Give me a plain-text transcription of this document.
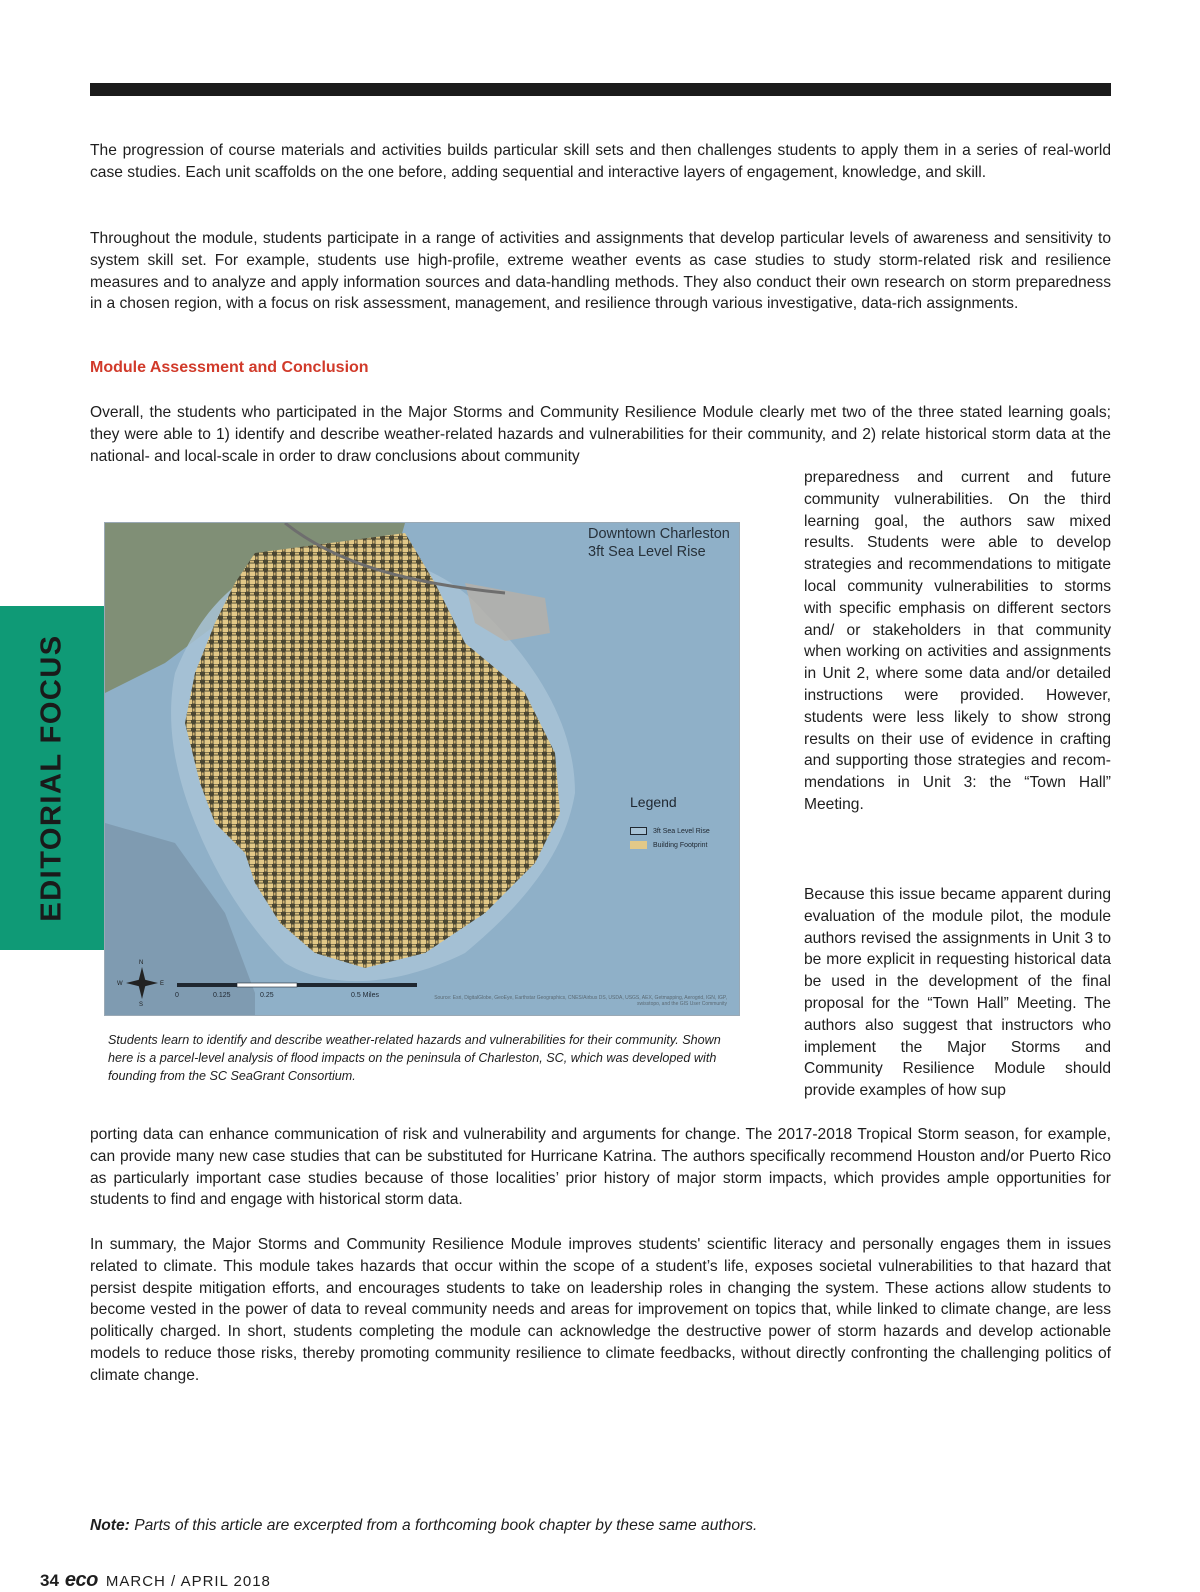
The progression of course materials and activities builds particular skill sets and then challenges students to apply them in a series of real-world case studies. Each unit scaffolds on the one before, adding sequential and interactive layers of engagement, knowledge, and skill.

Throughout the module, students participate in a range of activities and assignments that develop particular levels of awareness and sensitivity to system skill set. For example, students use high-profile, extreme weather events as case studies to study storm-related risk and resilience measures and to analyze and apply information sources and data-handling methods. They also conduct their own research on storm preparedness in a chosen region, with a focus on risk assessment, management, and resilience through various investigative, data-rich assignments.

Module Assessment and Conclusion

Overall, the students who participated in the Major Storms and Community Resilience Module clearly met two of the three stated learning goals; they were able to 1) identify and describe weather-related hazards and vulnerabilities for their community, and 2) relate historical storm data at the national- and local-scale in order to draw conclusions about community

preparedness and current and future community vulnerabilities. On the third learning goal, the authors saw mixed results. Students were able to develop strategies and recommendations to mitigate local community vulnerabilities to storms with specific emphasis on different sectors and/ or stakeholders in that community when working on activities and assignments in Unit 2, where some data and/or detailed instructions were provided. However, students were less likely to show strong results on their use of evidence in crafting and supporting those strategies and recommendations in Unit 3: the “Town Hall” Meeting.

Because this issue became apparent during evaluation of the module pilot, the module authors revised the assignments in Unit 3 to be more explicit in requesting historical data be used in the development of the final proposal for the “Town Hall” Meeting. The authors also suggest that instructors who implement the Major Storms and Community Resilience Module should provide examples of how sup

porting data can enhance communication of risk and vulnerability and arguments for change. The 2017-2018 Tropical Storm season, for example, can provide many new case studies that can be substituted for Hurricane Katrina. The authors specifically recommend Houston and/or Puerto Rico as particularly important case studies because of those localities’ prior history of major storm impacts, which provides ample opportunities for students to find and engage with historical storm data.

In summary, the Major Storms and Community Resilience Module improves students' scientific literacy and personally engages them in issues related to climate. This module takes hazards that occur within the scope of a student’s life, exposes societal vulnerabilities to that hazard that persist despite mitigation efforts, and encourages students to take on leadership roles in changing the system. These actions allow students to become vested in the power of data to reveal community needs and areas for improvement on topics that, while linked to climate change, are less politically charged. In short, students completing the module can acknowledge the destructive power of storm hazards and develop actionable models to reduce those risks, thereby promoting community resilience to climate feedbacks, without directly confronting the challenging politics of climate change.

EDITORIAL FOCUS
Downtown Charleston
3ft Sea Level Rise
Legend
3ft Sea Level Rise
Building Footprint
N
S
E
W
0	0.125	0.25	0.5 Miles	Source: Esri, DigitalGlobe, GeoEye, Earthstar Geographics, CNES/Airbus DS, USDA, USGS, AEX, Getmapping, Aerogrid, IGN, IGP, swisstopo, and the GIS User Community

Students learn to identify and describe weather-related hazards and vulnerabilities for their community. Shown here is a parcel-level analysis of flood impacts on the peninsula of Charleston, SC, which was developed with founding from the SC SeaGrant Consortium.

Note: Parts of this article are excerpted from a forthcoming book chapter by these same authors.

34 eco MARCH / APRIL 2018
